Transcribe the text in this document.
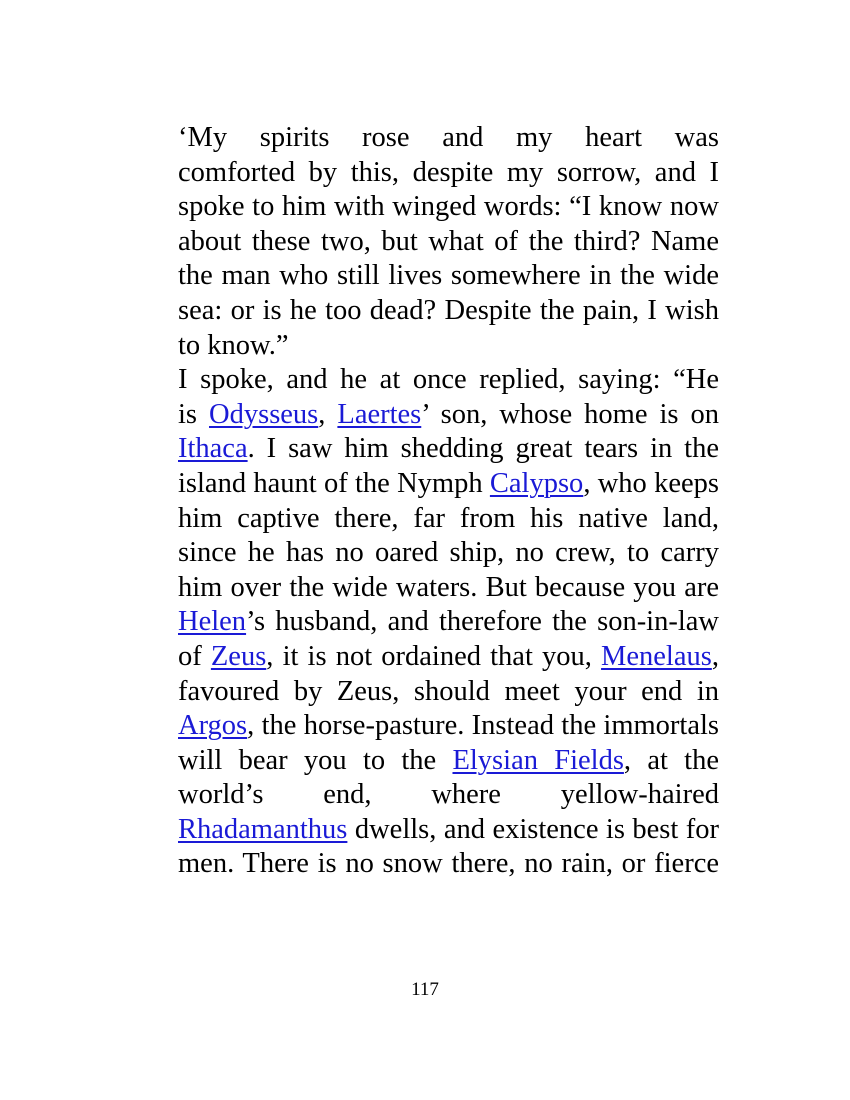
‘My spirits rose and my heart was
comforted by this, despite my sorrow, and I
spoke to him with winged words: “I know now
about these two, but what of the third? Name
the man who still lives somewhere in the wide
sea: or is he too dead? Despite the pain, I wish
to know.”
I spoke, and he at once replied, saying: “He
is Odysseus, Laertes’ son, whose home is on
Ithaca. I saw him shedding great tears in the
island haunt of the Nymph Calypso, who keeps
him captive there, far from his native land,
since he has no oared ship, no crew, to carry
him over the wide waters. But because you are
Helen’s husband, and therefore the son-in-law
of Zeus, it is not ordained that you, Menelaus,
favoured by Zeus, should meet your end in
Argos, the horse-pasture. Instead the immortals
will bear you to the Elysian Fields, at the
world’s end, where yellow-haired
Rhadamanthus dwells, and existence is best for
men. There is no snow there, no rain, or fierce
117
